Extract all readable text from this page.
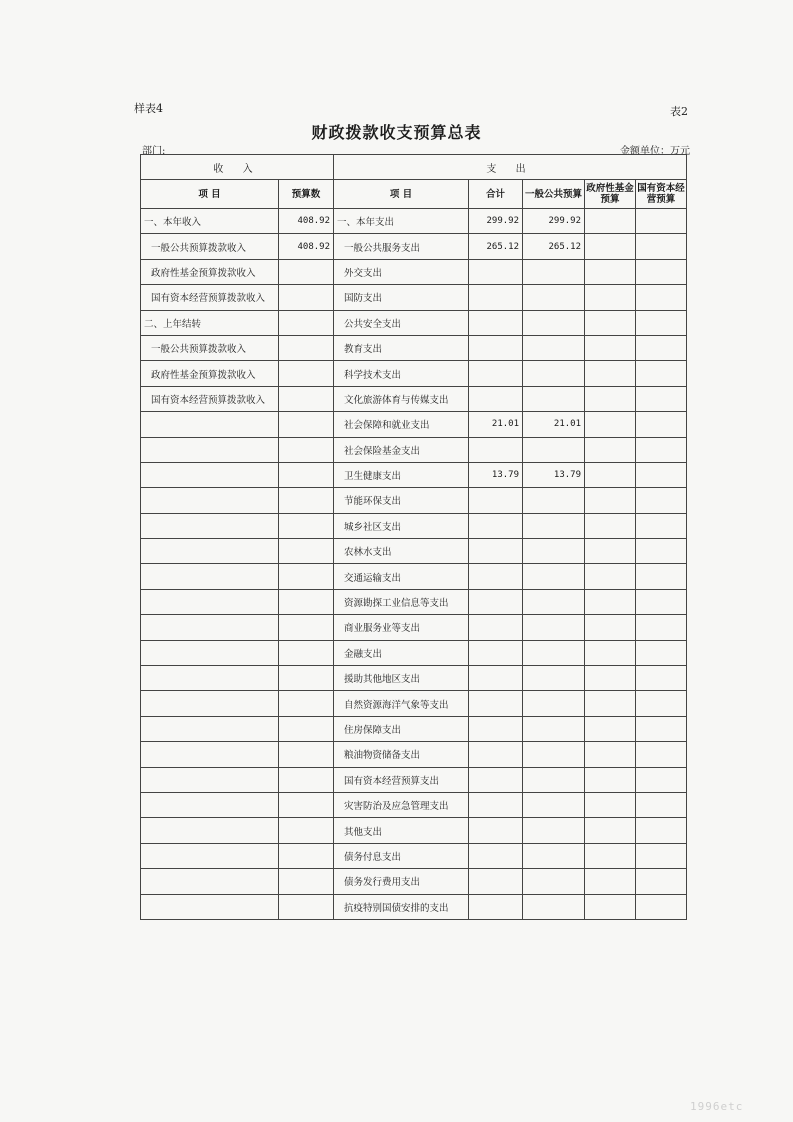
样表4	表2
财政拨款收支预算总表
部门:	金额单位：万元
收 入		支 出				
项 目	预算数	项 目	合计	一般公共预算	政府性基金预算	国有资本经营预算
一、本年收入	408.92	一、本年支出	299.92	299.92		
一般公共预算拨款收入	408.92	一般公共服务支出	265.12	265.12		
政府性基金预算拨款收入		外交支出				
国有资本经营预算拨款收入		国防支出				
二、上年结转		公共安全支出				
一般公共预算拨款收入		教育支出				
政府性基金预算拨款收入		科学技术支出				
国有资本经营预算拨款收入		文化旅游体育与传媒支出				
		社会保障和就业支出	21.01	21.01		
		社会保险基金支出				
		卫生健康支出	13.79	13.79		
		节能环保支出				
		城乡社区支出				
		农林水支出				
		交通运输支出				
		资源勘探工业信息等支出				
		商业服务业等支出				
		金融支出				
		援助其他地区支出				
		自然资源海洋气象等支出				
		住房保障支出				
		粮油物资储备支出				
		国有资本经营预算支出				
		灾害防治及应急管理支出				
		其他支出				
		债务付息支出				
		债务发行费用支出				
		抗疫特别国债安排的支出				
1996etc
